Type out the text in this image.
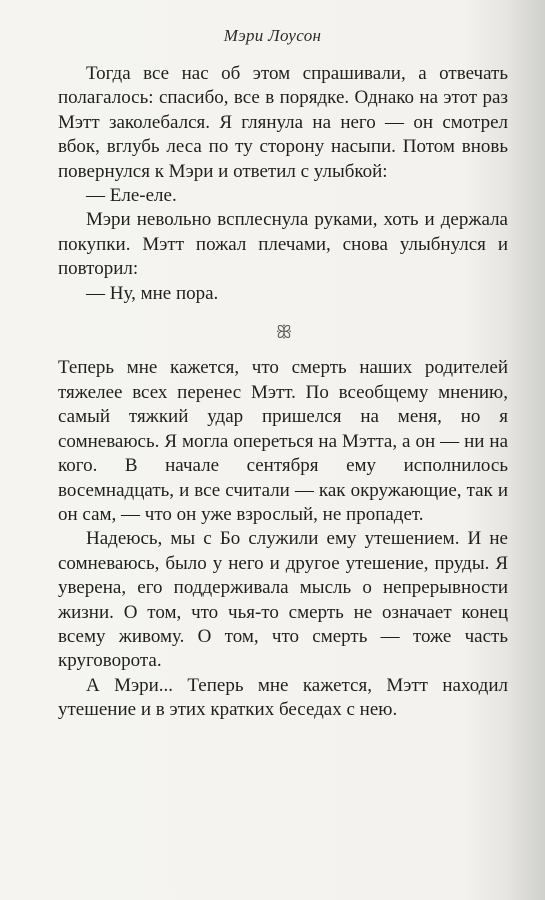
Мэри Лоусон

Тогда все нас об этом спрашивали, а отвечать полагалось: спасибо, все в порядке. Однако на этот раз Мэтт заколебался. Я глянула на него — он смотрел вбок, вглубь леса по ту сторону насыпи. Потом вновь повернулся к Мэри и ответил с улыбкой:

— Еле-еле.

Мэри невольно всплеснула руками, хоть и держала покупки. Мэтт пожал плечами, снова улыбнулся и повторил:

— Ну, мне пора.

ꕥ

Теперь мне кажется, что смерть наших родителей тяжелее всех перенес Мэтт. По всеобщему мнению, самый тяжкий удар пришелся на меня, но я сомневаюсь. Я могла опереться на Мэтта, а он — ни на кого. В начале сентября ему исполнилось восемнадцать, и все считали — как окружающие, так и он сам, — что он уже взрослый, не пропадет.

Надеюсь, мы с Бо служили ему утешением. И не сомневаюсь, было у него и другое утешение, пруды. Я уверена, его поддерживала мысль о непрерывности жизни. О том, что чья-то смерть не означает конец всему живому. О том, что смерть — тоже часть круговорота.

А Мэри... Теперь мне кажется, Мэтт находил утешение и в этих кратких беседах с нею.
